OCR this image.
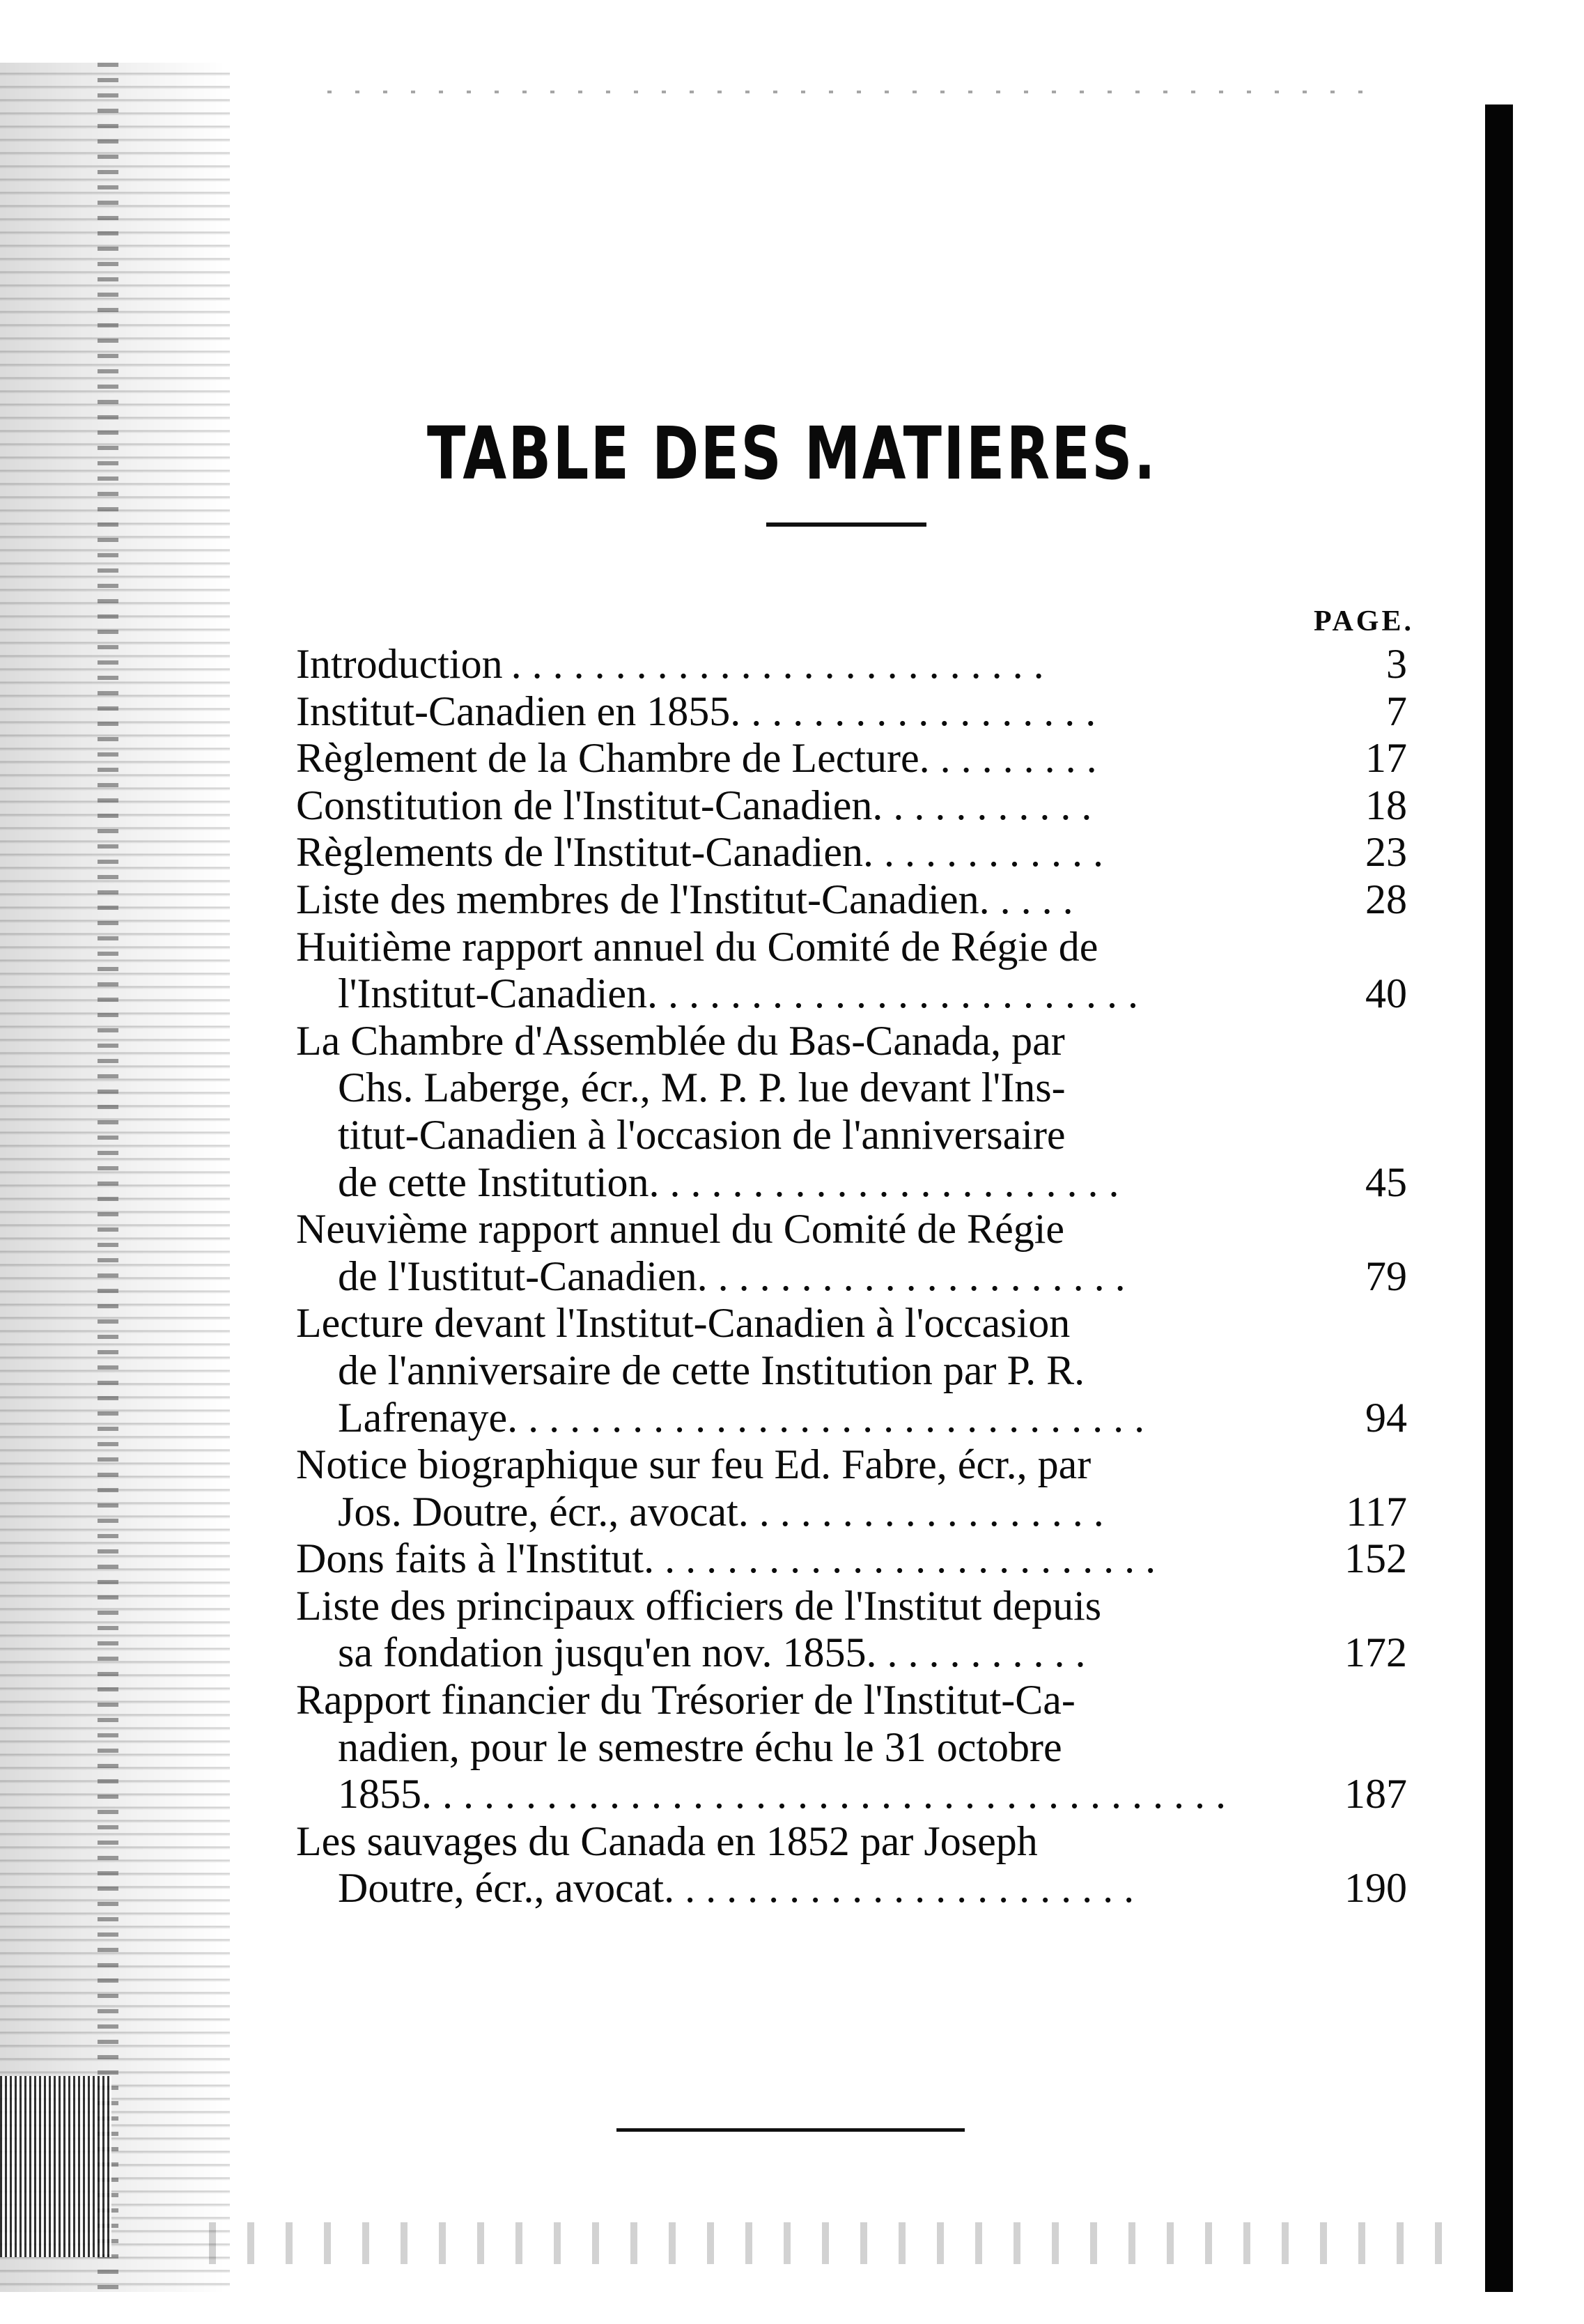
TABLE DES MATIERES.
PAGE.
Introduction . . . . . . . . . . . . . . . . . . . . . . . . . .	3
Institut-Canadien en 1855. . . . . . . . . . . . . . . . . .	7
Règlement de la Chambre de Lecture. . . . . . . . .	17
Constitution de l'Institut-Canadien. . . . . . . . . . .	18
Règlements de l'Institut-Canadien. . . . . . . . . . . .	23
Liste des membres de l'Institut-Canadien. . . . .	28
Huitième rapport annuel du Comité de Régie de
l'Institut-Canadien. . . . . . . . . . . . . . . . . . . . . . . .	40
La Chambre d'Assemblée du Bas-Canada, par
Chs. Laberge, écr., M. P. P. lue devant l'Ins-
titut-Canadien à l'occasion de l'anniversaire
de cette Institution. . . . . . . . . . . . . . . . . . . . . . .	45
Neuvième rapport annuel du Comité de Régie
de l'Iustitut-Canadien. . . . . . . . . . . . . . . . . . . . .	79
Lecture devant l'Institut-Canadien à l'occasion
de l'anniversaire de cette Institution par P. R.
Lafrenaye. . . . . . . . . . . . . . . . . . . . . . . . . . . . . . .	94
Notice biographique sur feu Ed. Fabre, écr., par
Jos. Doutre, écr., avocat. . . . . . . . . . . . . . . . . .	117
Dons faits à l'Institut. . . . . . . . . . . . . . . . . . . . . . . . .	152
Liste des principaux officiers de l'Institut depuis
sa fondation jusqu'en nov. 1855. . . . . . . . . . .	172
Rapport financier du Trésorier de l'Institut-Ca-
nadien, pour le semestre échu le 31 octobre
1855. . . . . . . . . . . . . . . . . . . . . . . . . . . . . . . . . . . . . . .	187
Les sauvages du Canada en 1852 par Joseph
Doutre, écr., avocat. . . . . . . . . . . . . . . . . . . . . . .	190
